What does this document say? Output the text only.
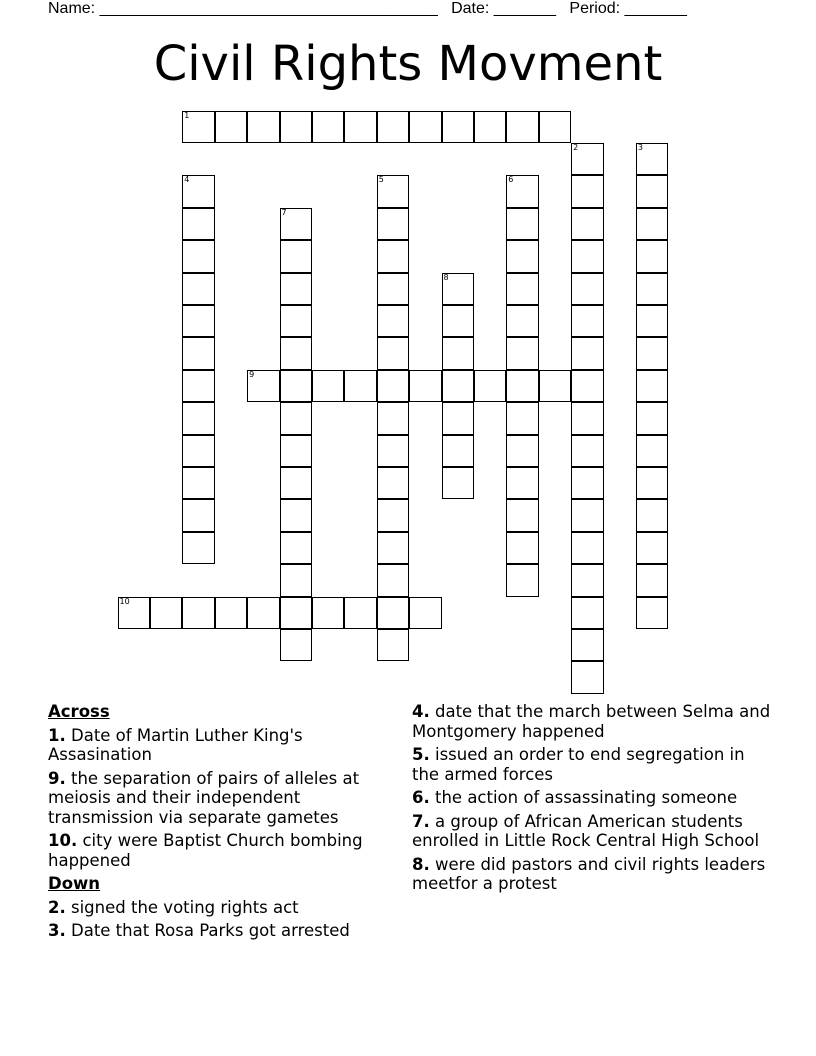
Name: ______________________________________ Date: _______ Period: _______
Civil Rights Movment
1
2	3
4	5	6
7
8
9
10
Across
1. Date of Martin Luther King's Assasination
9. the separation of pairs of alleles at meiosis and their independent transmission via separate gametes
10. city were Baptist Church bombing happened
Down
2. signed the voting rights act
3. Date that Rosa Parks got arrested
4. date that the march between Selma and Montgomery happened
5. issued an order to end segregation in the armed forces
6. the action of assassinating someone
7. a group of African American students enrolled in Little Rock Central High School
8. were did pastors and civil rights leaders meetfor a protest
